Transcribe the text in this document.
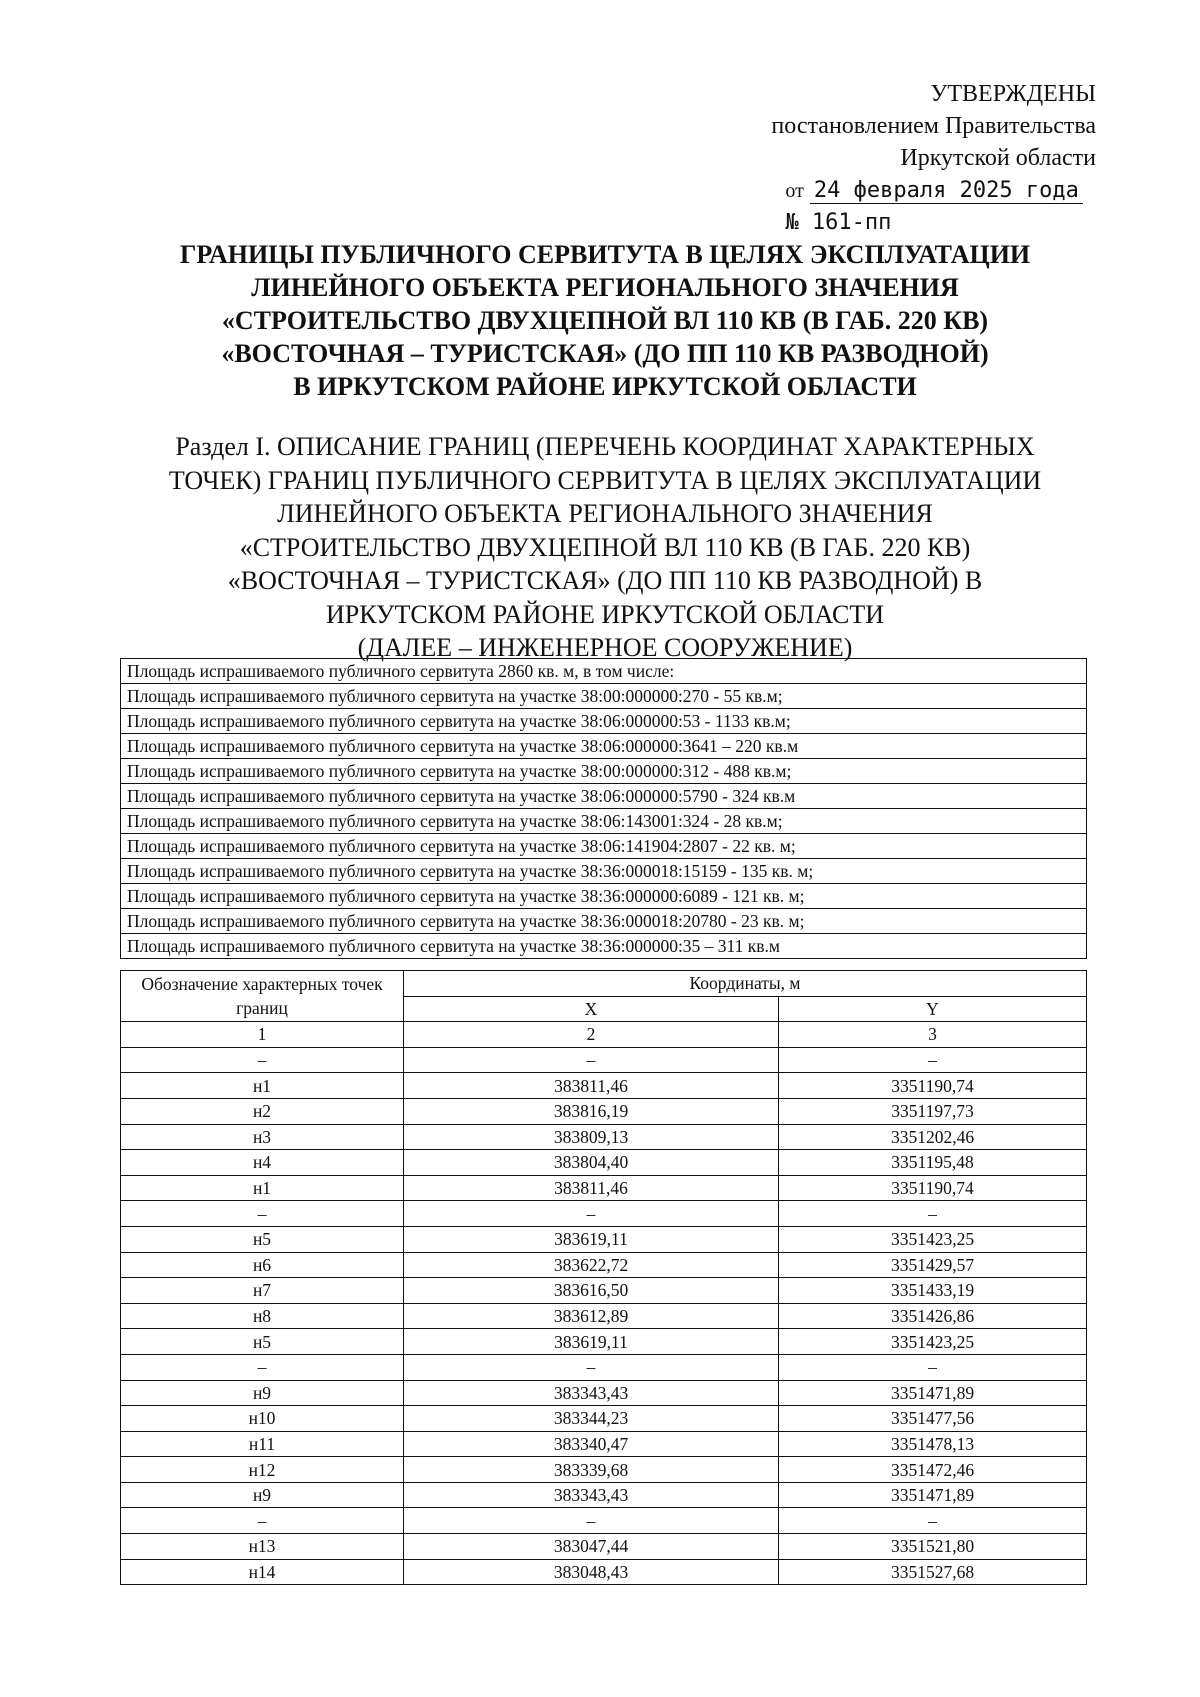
УТВЕРЖДЕНЫ
постановлением Правительства
Иркутской области
от 24 февраля 2025 года
№ 161-пп
ГРАНИЦЫ ПУБЛИЧНОГО СЕРВИТУТА В ЦЕЛЯХ ЭКСПЛУАТАЦИИ
ЛИНЕЙНОГО ОБЪЕКТА РЕГИОНАЛЬНОГО ЗНАЧЕНИЯ
«СТРОИТЕЛЬСТВО ДВУХЦЕПНОЙ ВЛ 110 КВ (В ГАБ. 220 КВ)
«ВОСТОЧНАЯ – ТУРИСТСКАЯ» (ДО ПП 110 КВ РАЗВОДНОЙ)
В ИРКУТСКОМ РАЙОНЕ ИРКУТСКОЙ ОБЛАСТИ
Раздел I. ОПИСАНИЕ ГРАНИЦ (ПЕРЕЧЕНЬ КООРДИНАТ ХАРАКТЕРНЫХ
ТОЧЕК) ГРАНИЦ ПУБЛИЧНОГО СЕРВИТУТА В ЦЕЛЯХ ЭКСПЛУАТАЦИИ
ЛИНЕЙНОГО ОБЪЕКТА РЕГИОНАЛЬНОГО ЗНАЧЕНИЯ
«СТРОИТЕЛЬСТВО ДВУХЦЕПНОЙ ВЛ 110 КВ (В ГАБ. 220 КВ)
«ВОСТОЧНАЯ – ТУРИСТСКАЯ» (ДО ПП 110 КВ РАЗВОДНОЙ) В
ИРКУТСКОМ РАЙОНЕ ИРКУТСКОЙ ОБЛАСТИ
(ДАЛЕЕ – ИНЖЕНЕРНОЕ СООРУЖЕНИЕ)
Площадь испрашиваемого публичного сервитута 2860 кв. м, в том числе:
Площадь испрашиваемого публичного сервитута на участке 38:00:000000:270 - 55 кв.м;
Площадь испрашиваемого публичного сервитута на участке 38:06:000000:53 - 1133 кв.м;
Площадь испрашиваемого публичного сервитута на участке 38:06:000000:3641 – 220 кв.м
Площадь испрашиваемого публичного сервитута на участке 38:00:000000:312 - 488 кв.м;
Площадь испрашиваемого публичного сервитута на участке 38:06:000000:5790 - 324 кв.м
Площадь испрашиваемого публичного сервитута на участке 38:06:143001:324 - 28 кв.м;
Площадь испрашиваемого публичного сервитута на участке 38:06:141904:2807 - 22 кв. м;
Площадь испрашиваемого публичного сервитута на участке 38:36:000018:15159 - 135 кв. м;
Площадь испрашиваемого публичного сервитута на участке 38:36:000000:6089 - 121 кв. м;
Площадь испрашиваемого публичного сервитута на участке 38:36:000018:20780 - 23 кв. м;
Площадь испрашиваемого публичного сервитута на участке 38:36:000000:35 – 311 кв.м
Обозначение характерных точек границ	Координаты, м	
	X	Y
1	2	3
–	–	–
н1	383811,46	3351190,74
н2	383816,19	3351197,73
н3	383809,13	3351202,46
н4	383804,40	3351195,48
н1	383811,46	3351190,74
–	–	–
н5	383619,11	3351423,25
н6	383622,72	3351429,57
н7	383616,50	3351433,19
н8	383612,89	3351426,86
н5	383619,11	3351423,25
–	–	–
н9	383343,43	3351471,89
н10	383344,23	3351477,56
н11	383340,47	3351478,13
н12	383339,68	3351472,46
н9	383343,43	3351471,89
–	–	–
н13	383047,44	3351521,80
н14	383048,43	3351527,68
